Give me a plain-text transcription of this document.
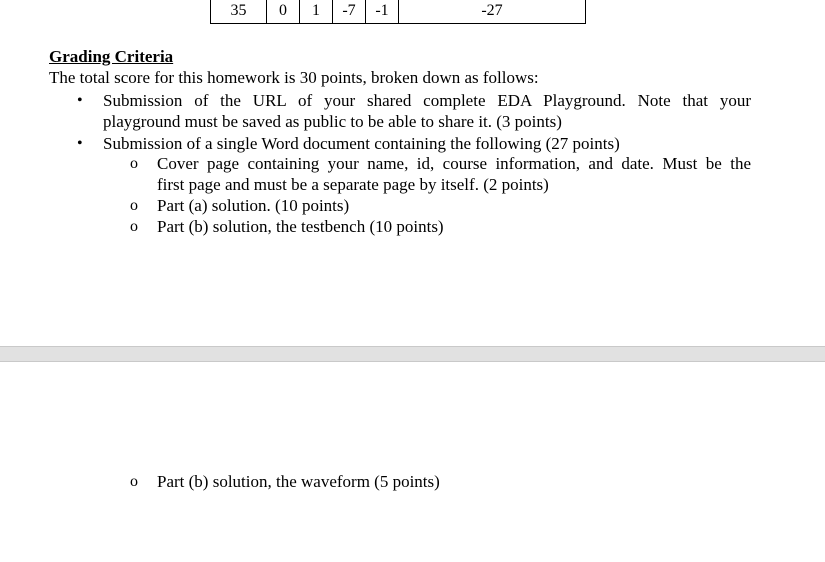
35	0	1	-7	-1	-27
Grading Criteria
The total score for this homework is 30 points, broken down as follows:
• Submission of the URL of your shared complete EDA Playground. Note that your
playground must be saved as public to be able to share it. (3 points)
• Submission of a single Word document containing the following (27 points)
o Cover page containing your name, id, course information, and date. Must be the
first page and must be a separate page by itself. (2 points)
o Part (a) solution. (10 points)
o Part (b) solution, the testbench (10 points)
o Part (b) solution, the waveform (5 points)
